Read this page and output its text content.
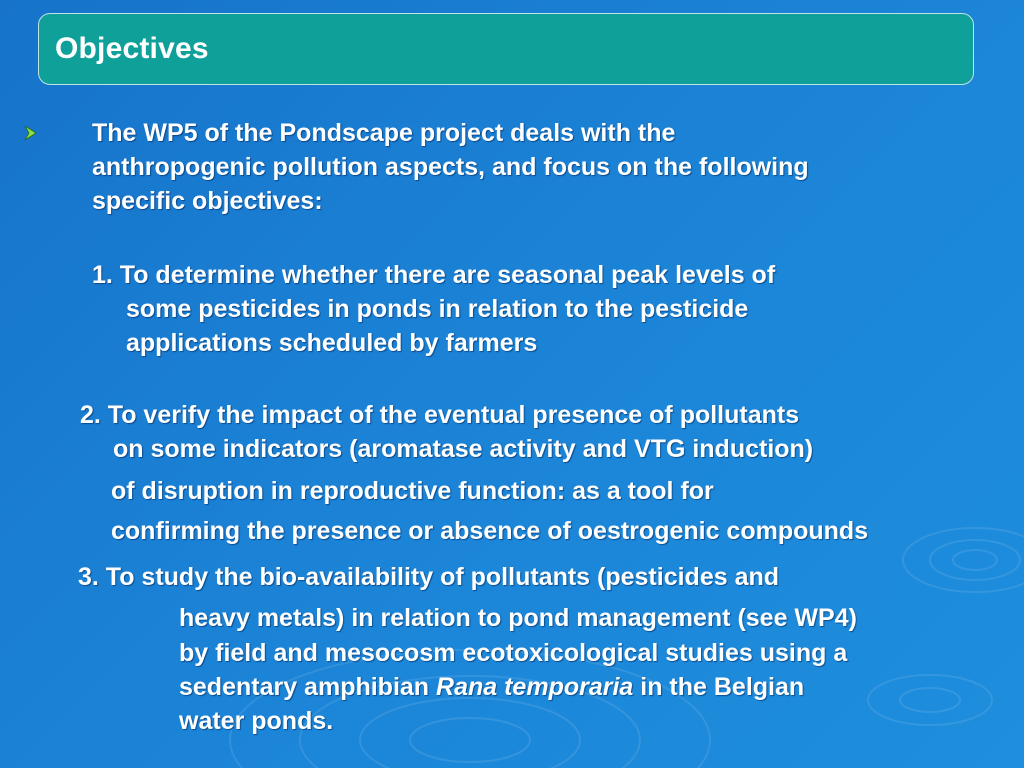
Objectives
The WP5 of the Pondscape project deals with the
anthropogenic pollution aspects, and focus on the following
specific objectives:
1. To determine whether there are seasonal peak levels of
some pesticides in ponds in relation to the pesticide
applications scheduled by farmers
2. To verify the impact of the eventual presence of pollutants
on some indicators (aromatase activity and VTG induction)
of disruption in reproductive function: as a tool for
confirming the presence or absence of oestrogenic compounds
3. To study the bio-availability of pollutants (pesticides and
heavy metals) in relation to pond management (see WP4)
by field and mesocosm ecotoxicological studies using a
sedentary amphibian Rana temporaria in the Belgian
water ponds.
